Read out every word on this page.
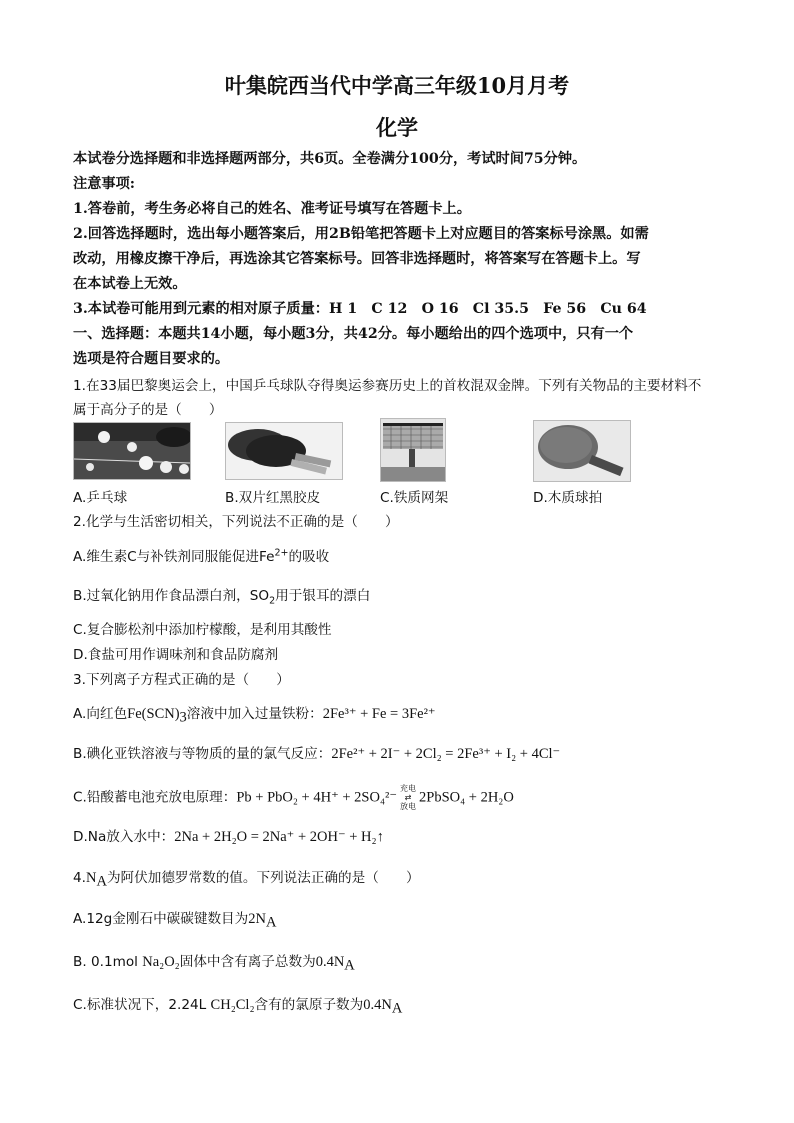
叶集皖西当代中学高三年级10月月考
化学
本试卷分选择题和非选择题两部分，共6页。全卷满分100分，考试时间75分钟。
注意事项:
1.答卷前，考生务必将自己的姓名、准考证号填写在答题卡上。
2.回答选择题时，选出每小题答案后，用2B铅笔把答题卡上对应题目的答案标号涂黑。如需
改动，用橡皮擦干净后，再选涂其它答案标号。回答非选择题时，将答案写在答题卡上。写
在本试卷上无效。
3.本试卷可能用到元素的相对原子质量：H 1　C 12　O 16　Cl 35.5　Fe 56　Cu 64
一、选择题：本题共14小题，每小题3分，共42分。每小题给出的四个选项中，只有一个
选项是符合题目要求的。
1.在33届巴黎奥运会上，中国乒乓球队夺得奥运参赛历史上的首枚混双金牌。下列有关物品的主要材料不
属于高分子的是（　　）
A.乒乓球	B.双片红黑胶皮	C.铁质网架	D.木质球拍
2.化学与生活密切相关，下列说法不正确的是（　　）
A.维生素C与补铁剂同服能促进$Fe^{2+}$的吸收
B.过氧化钠用作食品漂白剂，$SO_2$用于银耳的漂白
C.复合膨松剂中添加柠檬酸，是利用其酸性
D.食盐可用作调味剂和食品防腐剂
3.下列离子方程式正确的是（　　）
A.向红色$Fe(SCN)_3$溶液中加入过量铁粉：2Fe³⁺ + Fe = 3Fe²⁺
B.碘化亚铁溶液与等物质的量的氯气反应：2Fe²⁺ + 2I⁻ + 2Cl₂ = 2Fe³⁺ + I₂ + 4Cl⁻
C.铅酸蓄电池充放电原理：Pb + PbO₂ + 4H⁺ + 2SO₄²⁻充电
⇄
放电2PbSO₄ + 2H₂O
D.Na放入水中：2Na + 2H₂O = 2Na⁺ + 2OH⁻ + H₂↑
$4.N_A$为阿伏加德罗常数的值。下列说法正确的是（　　）
A.12g金刚石中碳碳键数目为$2N_A$
B. 0.1mol Na₂O₂固体中含有离子总数为$0.4N_A$
C.标准状况下，2.24L CH₂Cl₂含有的氯原子数为$0.4N_A$
